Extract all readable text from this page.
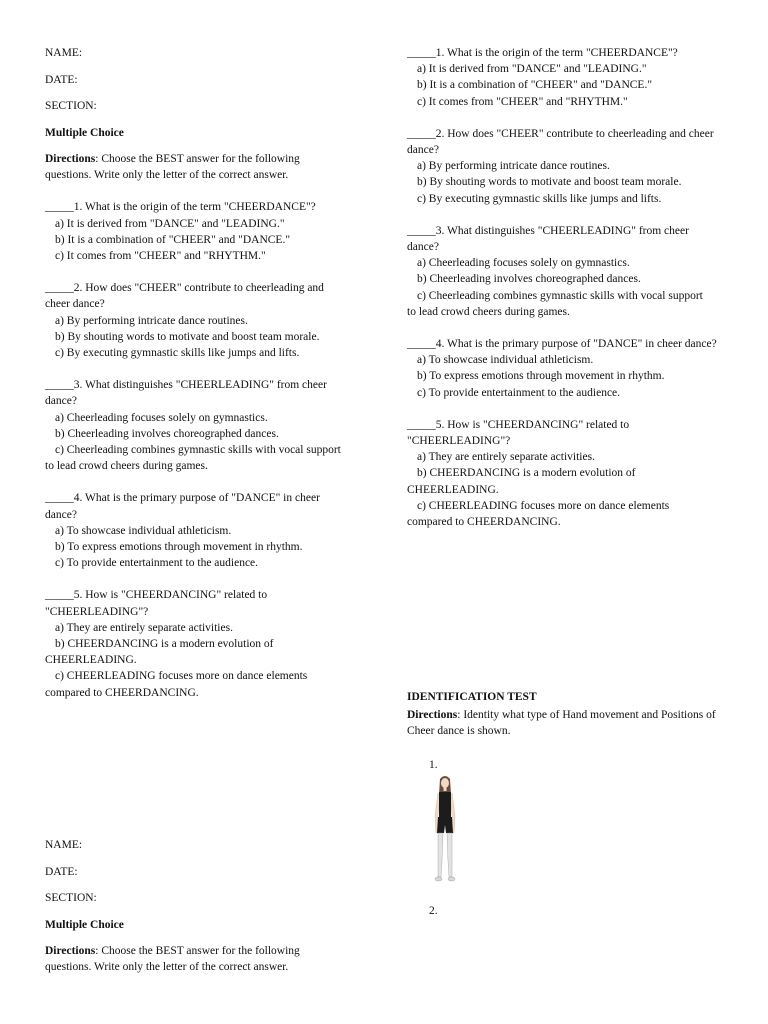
NAME:
DATE:
SECTION:
Multiple Choice
Directions: Choose the BEST answer for the following questions. Write only the letter of the correct answer.
_____1. What is the origin of the term "CHEERDANCE"?
a) It is derived from "DANCE" and "LEADING."
b) It is a combination of "CHEER" and "DANCE."
c) It comes from "CHEER" and "RHYTHM."
_____2. How does "CHEER" contribute to cheerleading and cheer dance?
a) By performing intricate dance routines.
b) By shouting words to motivate and boost team morale.
c) By executing gymnastic skills like jumps and lifts.
_____3. What distinguishes "CHEERLEADING" from cheer dance?
a) Cheerleading focuses solely on gymnastics.
b) Cheerleading involves choreographed dances.
c) Cheerleading combines gymnastic skills with vocal support to lead crowd cheers during games.
_____4. What is the primary purpose of "DANCE" in cheer dance?
a) To showcase individual athleticism.
b) To express emotions through movement in rhythm.
c) To provide entertainment to the audience.
_____5. How is "CHEERDANCING" related to "CHEERLEADING"?
a) They are entirely separate activities.
b) CHEERDANCING is a modern evolution of CHEERLEADING.
c) CHEERLEADING focuses more on dance elements compared to CHEERDANCING.
NAME:
DATE:
SECTION:
Multiple Choice
Directions: Choose the BEST answer for the following questions. Write only the letter of the correct answer.
_____1. What is the origin of the term "CHEERDANCE"?
a) It is derived from "DANCE" and "LEADING."
b) It is a combination of "CHEER" and "DANCE."
c) It comes from "CHEER" and "RHYTHM."
_____2. How does "CHEER" contribute to cheerleading and cheer dance?
a) By performing intricate dance routines.
b) By shouting words to motivate and boost team morale.
c) By executing gymnastic skills like jumps and lifts.
_____3. What distinguishes "CHEERLEADING" from cheer dance?
a) Cheerleading focuses solely on gymnastics.
b) Cheerleading involves choreographed dances.
c) Cheerleading combines gymnastic skills with vocal support to lead crowd cheers during games.
_____4. What is the primary purpose of "DANCE" in cheer dance?
a) To showcase individual athleticism.
b) To express emotions through movement in rhythm.
c) To provide entertainment to the audience.
_____5. How is "CHEERDANCING" related to "CHEERLEADING"?
a) They are entirely separate activities.
b) CHEERDANCING is a modern evolution of CHEERLEADING.
c) CHEERLEADING focuses more on dance elements compared to CHEERDANCING.
IDENTIFICATION TEST
Directions: Identity what type of Hand movement and Positions of Cheer dance is shown.
1.
2.
